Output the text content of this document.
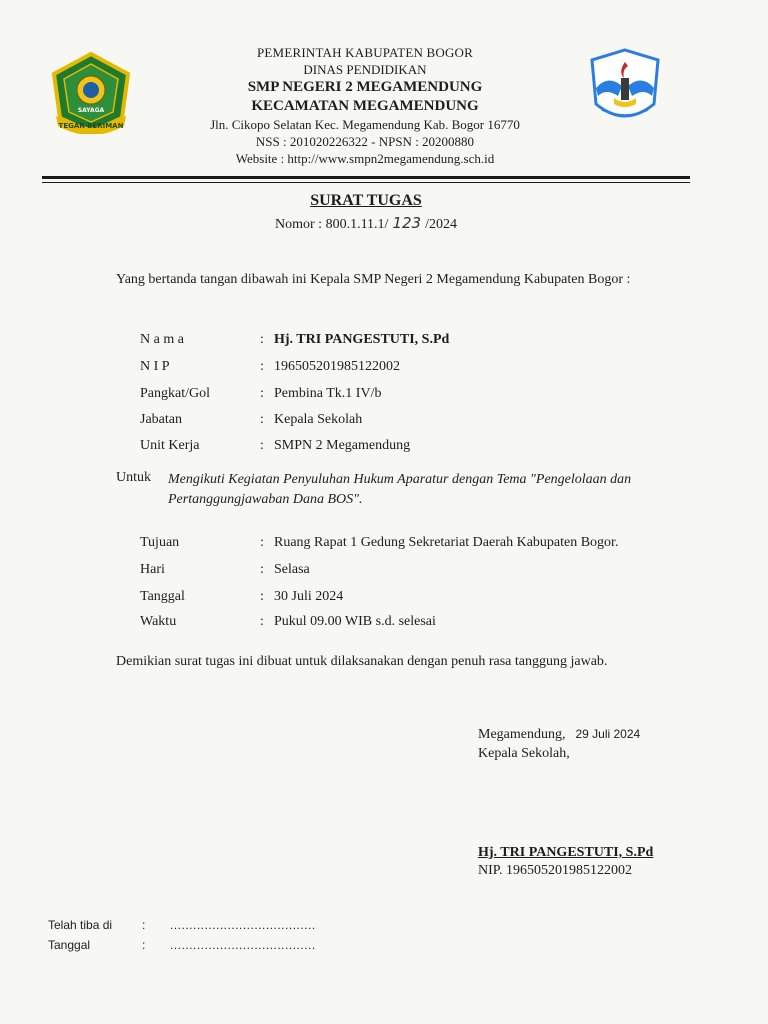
SAYAGA
TEGAR BERIMAN
PEMERINTAH KABUPATEN BOGOR
DINAS PENDIDIKAN
SMP NEGERI 2 MEGAMENDUNG
KECAMATAN MEGAMENDUNG
Jln. Cikopo Selatan Kec. Megamendung Kab. Bogor 16770
NSS : 201020226322 - NPSN : 20200880
Website : http://www.smpn2megamendung.sch.id
SURAT TUGAS
Nomor : 800.1.11.1/ 123 /2024
Yang bertanda tangan dibawah ini Kepala SMP Negeri 2 Megamendung Kabupaten Bogor :
N a m a	: Hj. TRI PANGESTUTI, S.Pd
N I P	: 196505201985122002
Pangkat/Gol	: Pembina Tk.1 IV/b
Jabatan	: Kepala Sekolah
Unit Kerja	: SMPN 2 Megamendung
Untuk Mengikuti Kegiatan Penyuluhan Hukum Aparatur dengan Tema "Pengelolaan dan Pertanggungjawaban Dana BOS".
Tujuan	: Ruang Rapat 1 Gedung Sekretariat Daerah Kabupaten Bogor.
Hari	: Selasa
Tanggal	: 30 Juli 2024
Waktu	: Pukul 09.00 WIB s.d. selesai
Demikian surat tugas ini dibuat untuk dilaksanakan dengan penuh rasa tanggung jawab.
Megamendung, 29 Juli 2024
Kepala Sekolah,
Hj. TRI PANGESTUTI, S.Pd
NIP. 196505201985122002
Telah tiba di : ......................................
Tanggal	: ......................................
